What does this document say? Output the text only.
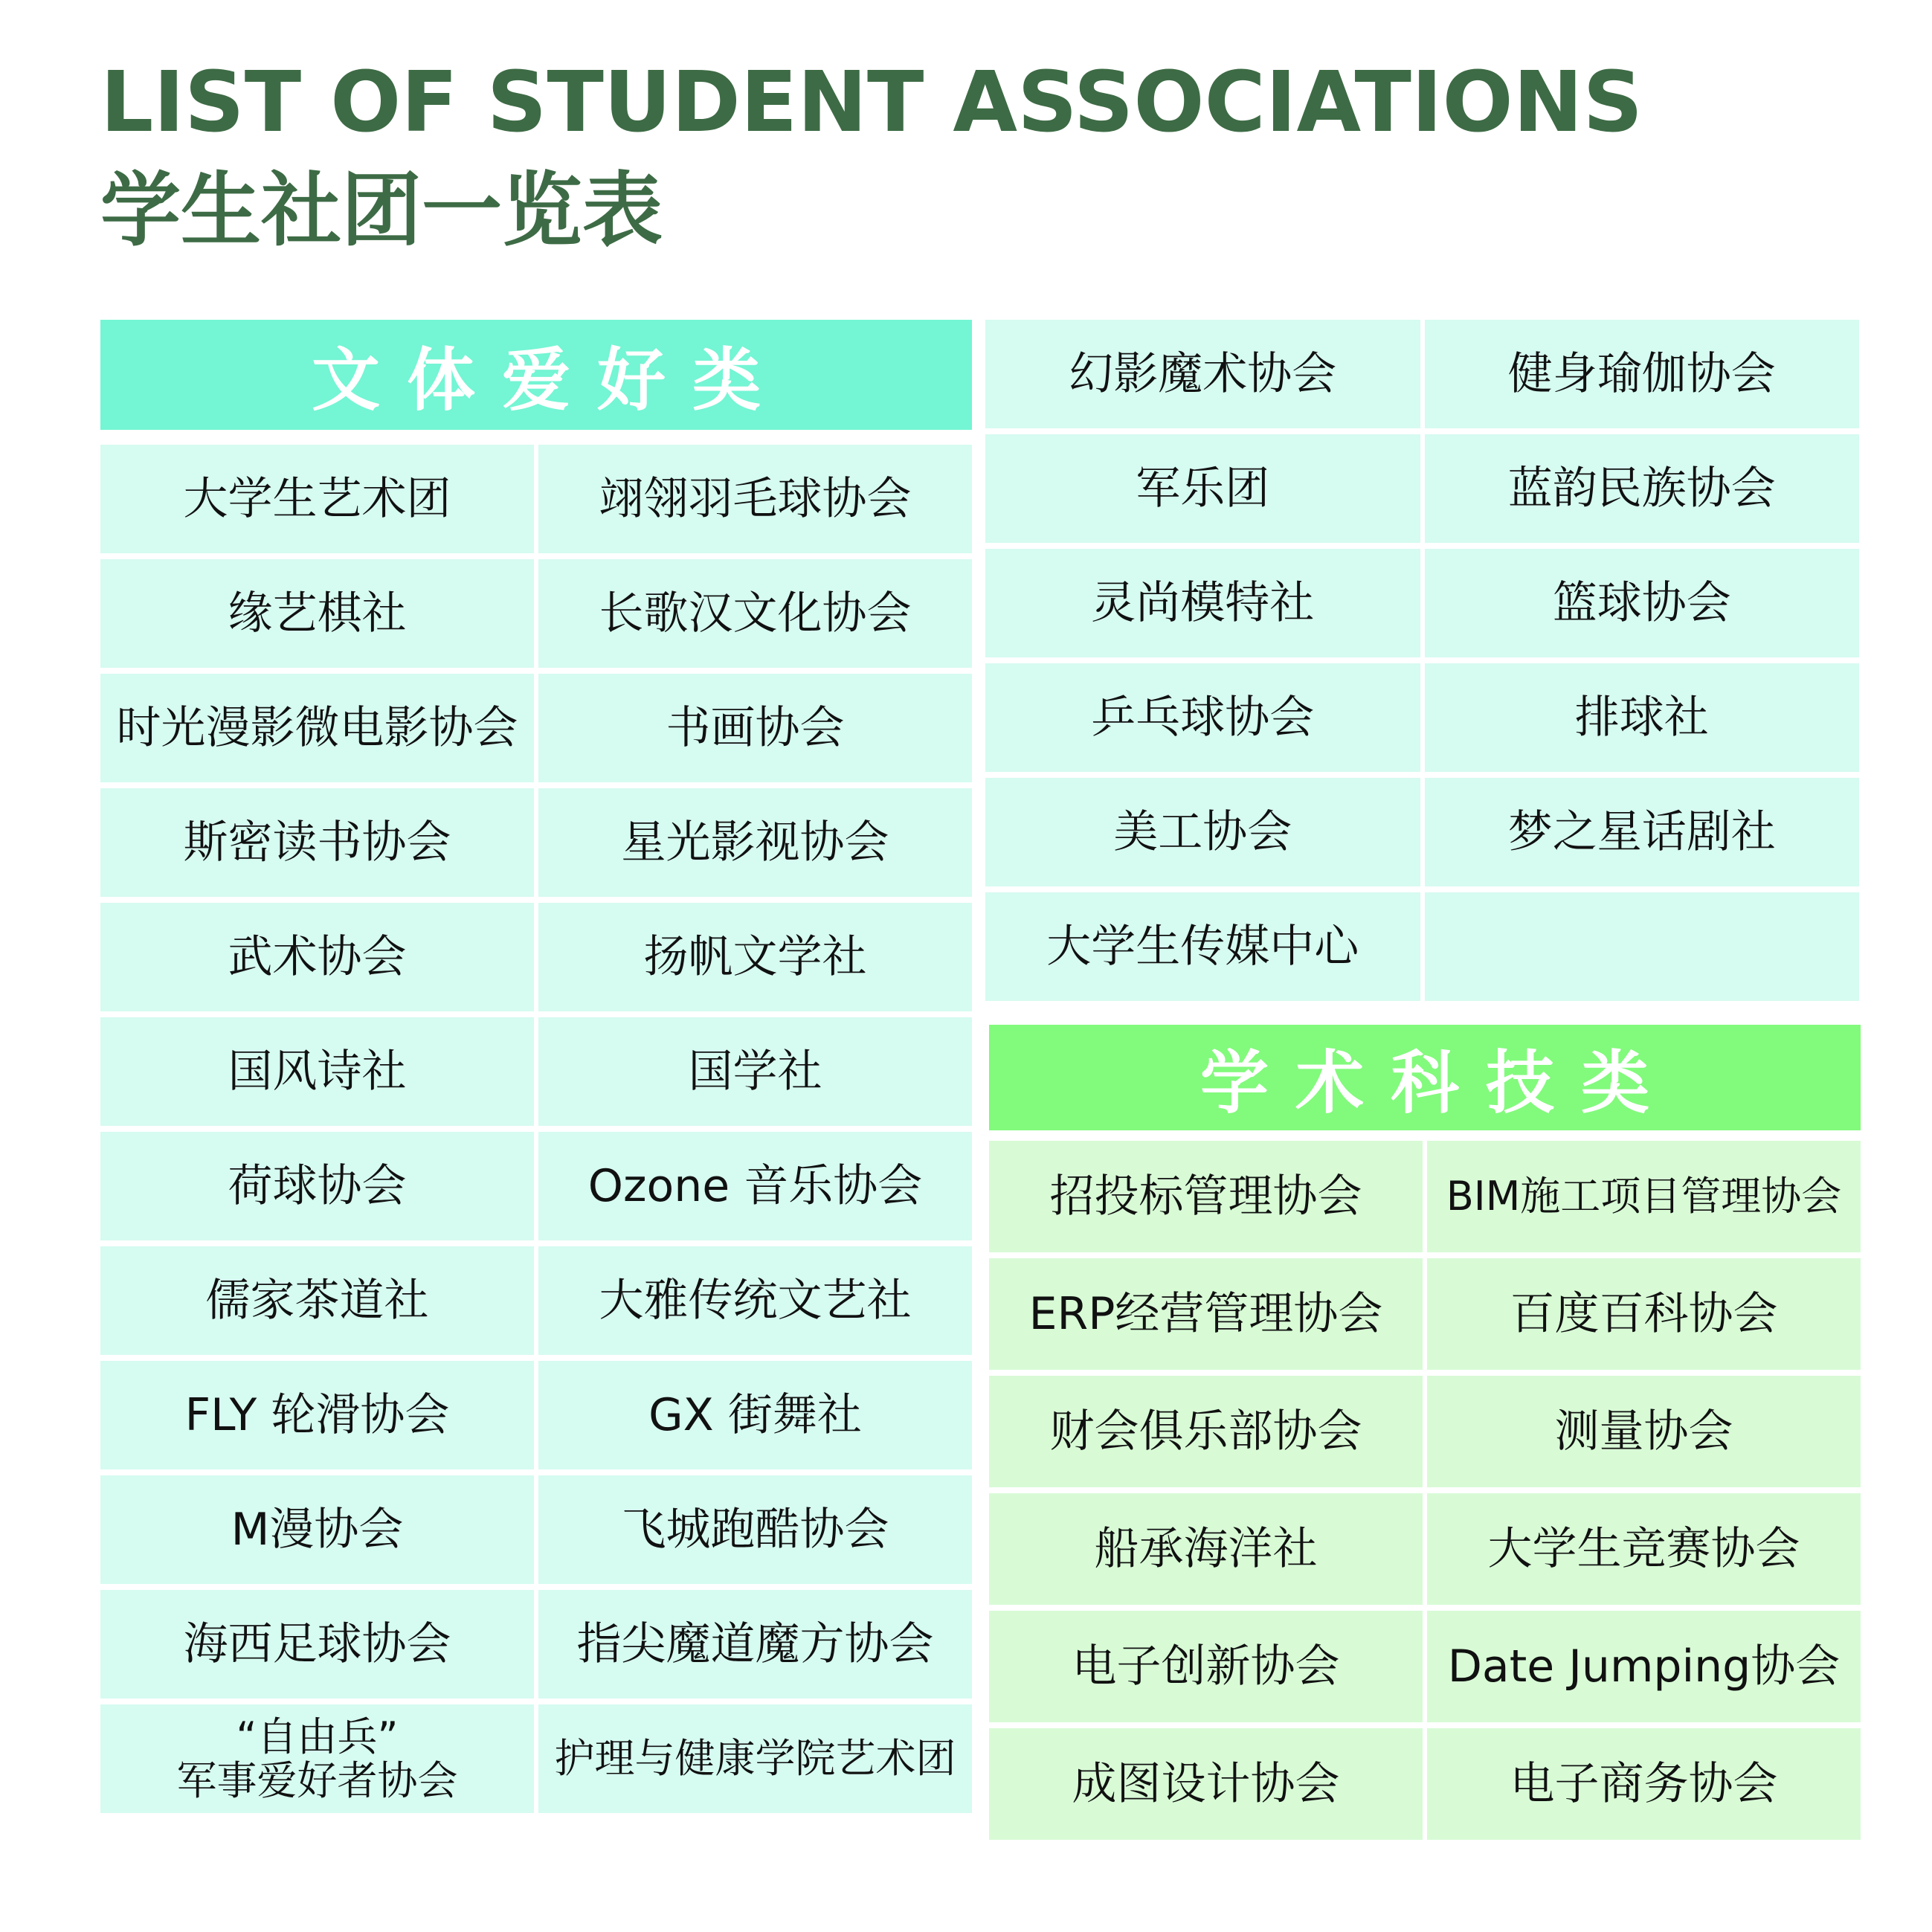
LIST OF STUDENT ASSOCIATIONS
学生社团一览表
文体爱好类
大学生艺术团	翊翎羽毛球协会
缘艺棋社	长歌汉文化协会
时光漫影微电影协会	书画协会
斯密读书协会	星光影视协会
武术协会	扬帆文学社
国风诗社	国学社
荷球协会	Ozone 音乐协会
儒家茶道社	大雅传统文艺社
FLY 轮滑协会	GX 街舞社
M漫协会	飞城跑酷协会
海西足球协会	指尖魔道魔方协会
“自由兵”
军事爱好者协会	护理与健康学院艺术团
幻影魔术协会	健身瑜伽协会
军乐团	蓝韵民族协会
灵尚模特社	篮球协会
乒乓球协会	排球社
美工协会	梦之星话剧社
大学生传媒中心
学术科技类
招投标管理协会	BIM施工项目管理协会
ERP经营管理协会	百度百科协会
财会俱乐部协会	测量协会
船承海洋社	大学生竞赛协会
电子创新协会	Date Jumping协会
成图设计协会	电子商务协会
